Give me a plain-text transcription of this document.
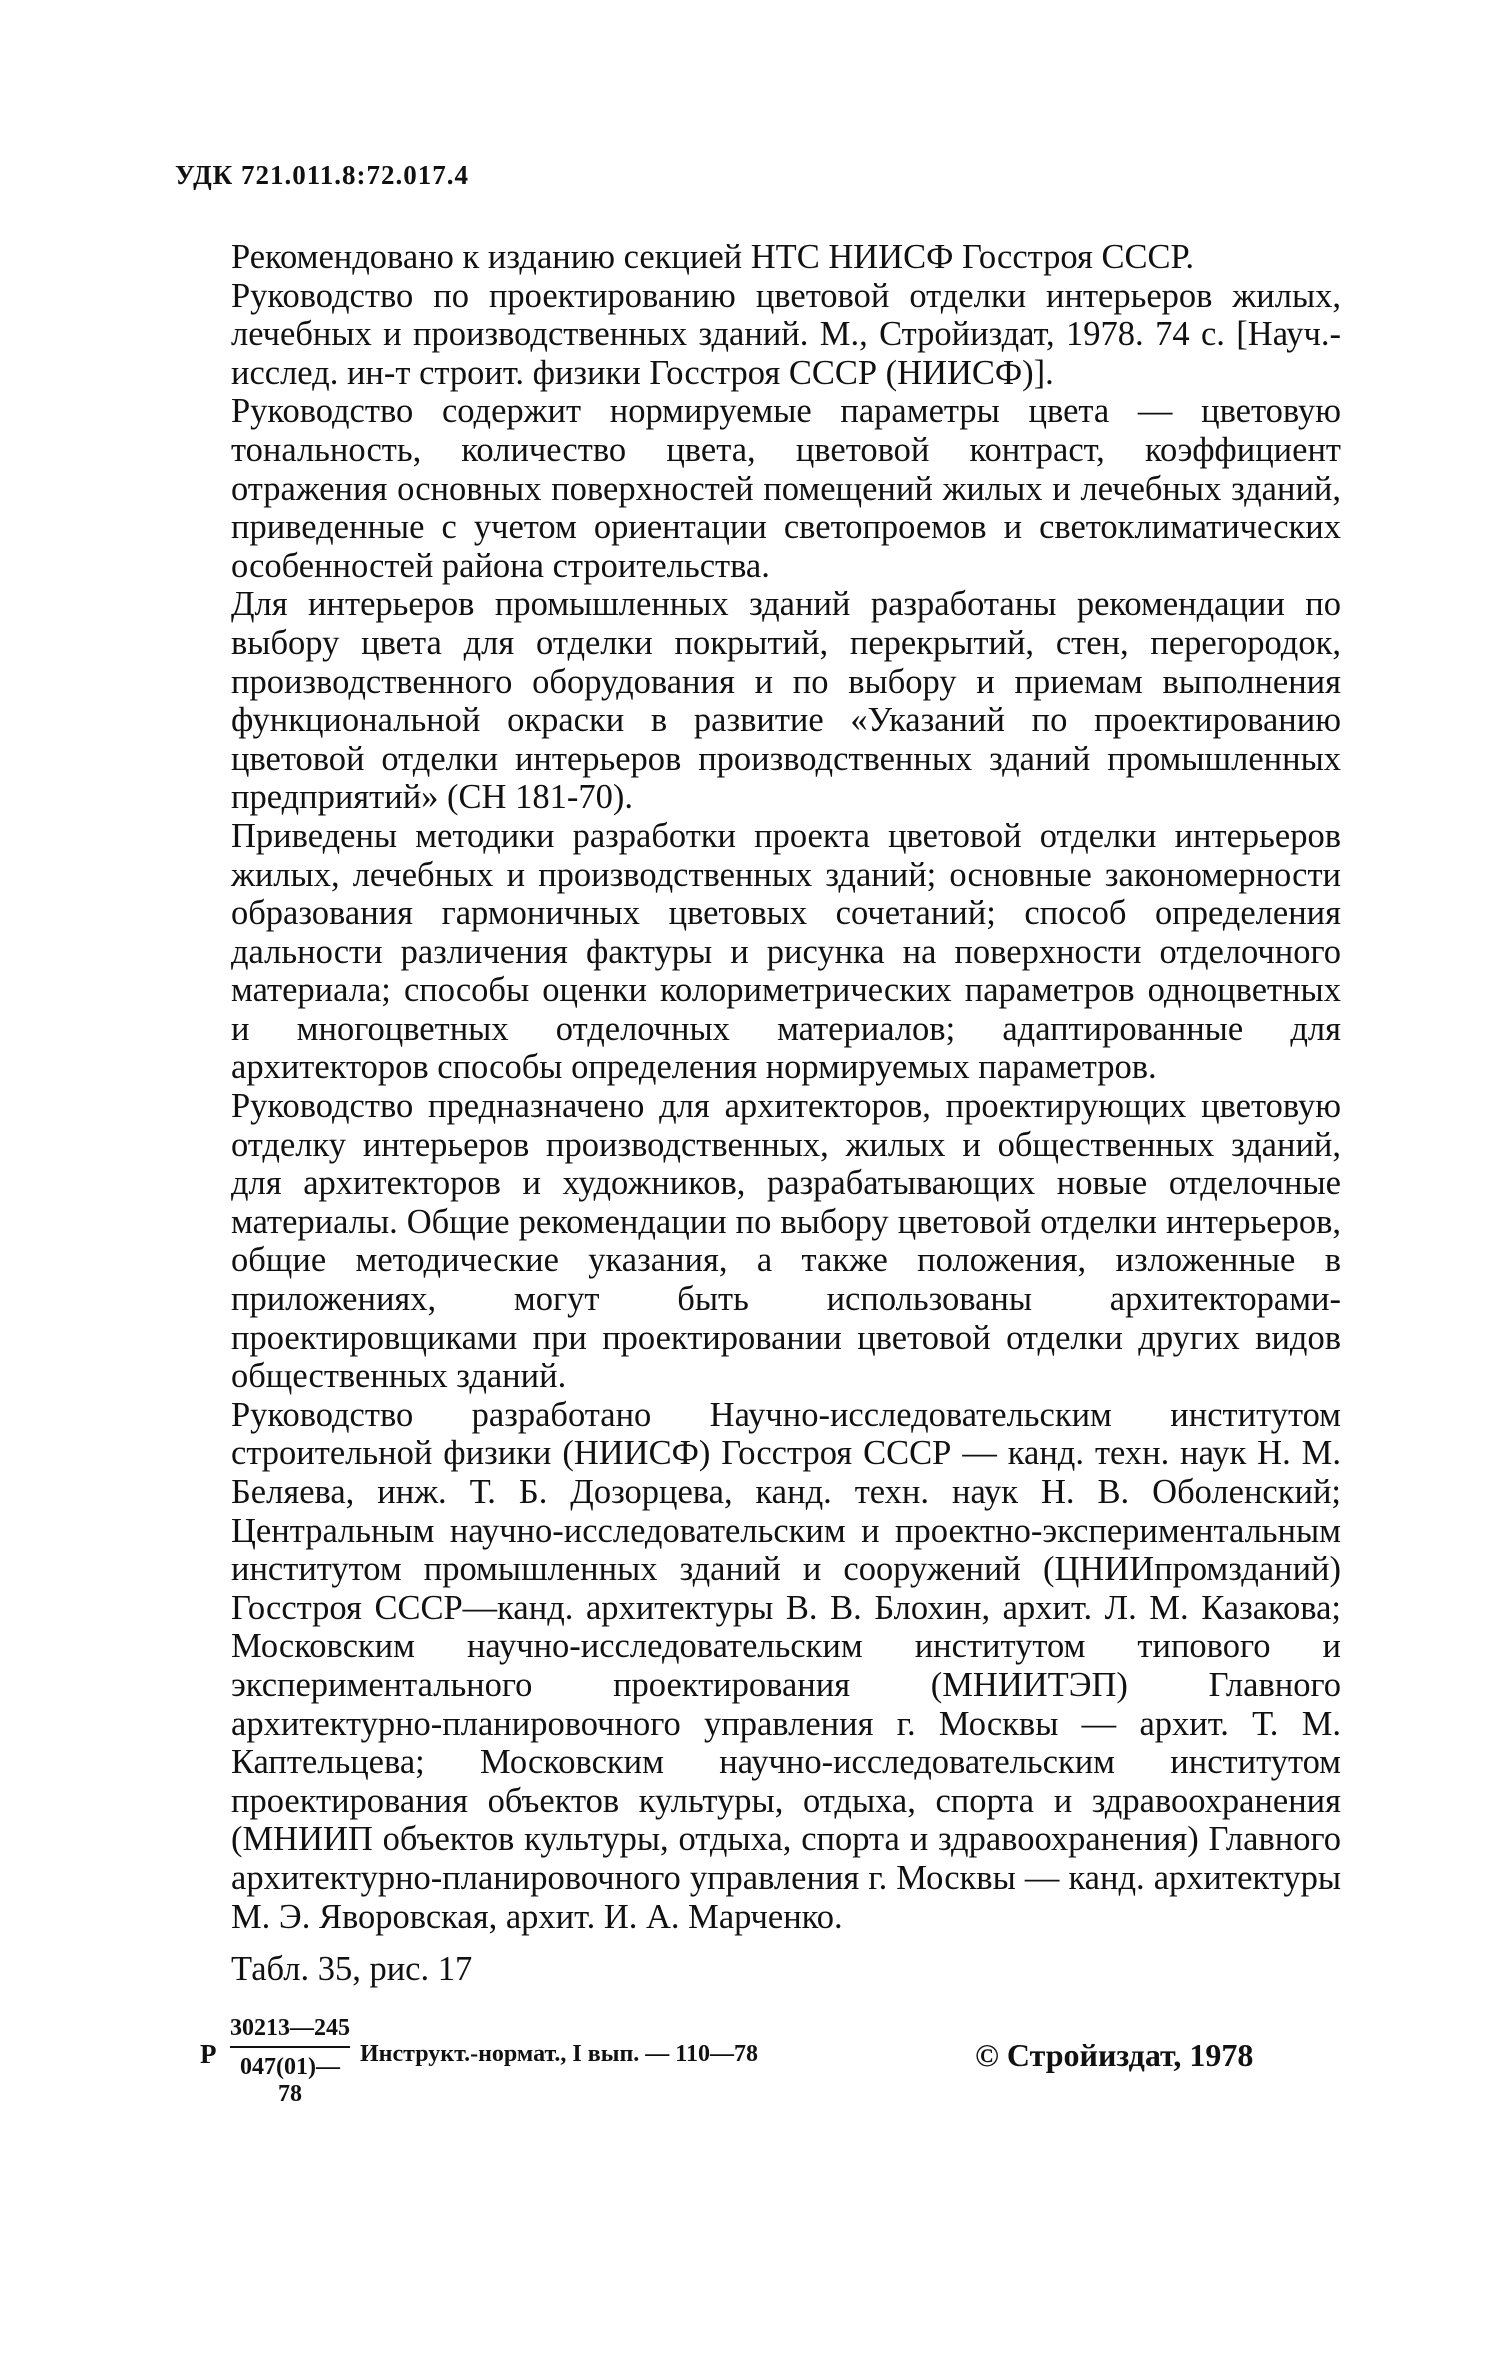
УДК 721.011.8:72.017.4

Рекомендовано к изданию секцией НТС НИИСФ Госстроя СССР.

Руководство по проектированию цветовой отделки интерьеров жилых, лечебных и производственных зданий. М., Стройиздат, 1978. 74 с. [Науч.-исслед. ин-т строит. физики Госстроя СССР (НИИСФ)].

Руководство содержит нормируемые параметры цвета — цветовую тональность, количество цвета, цветовой контраст, коэффициент отражения основных поверхностей помещений жилых и лечебных зданий, приведенные с учетом ориентации светопроемов и светоклиматических особенностей района строительства.

Для интерьеров промышленных зданий разработаны рекомендации по выбору цвета для отделки покрытий, перекрытий, стен, перегородок, производственного оборудования и по выбору и приемам выполнения функциональной окраски в развитие «Указаний по проектированию цветовой отделки интерьеров производственных зданий промышленных предприятий» (СН 181-70).

Приведены методики разработки проекта цветовой отделки интерьеров жилых, лечебных и производственных зданий; основные закономерности образования гармоничных цветовых сочетаний; способ определения дальности различения фактуры и рисунка на поверхности отделочного материала; способы оценки колориметрических параметров одноцветных и многоцветных отделочных материалов; адаптированные для архитекторов способы определения нормируемых параметров.

Руководство предназначено для архитекторов, проектирующих цветовую отделку интерьеров производственных, жилых и общественных зданий, для архитекторов и художников, разрабатывающих новые отделочные материалы. Общие рекомендации по выбору цветовой отделки интерьеров, общие методические указания, а также положения, изложенные в приложениях, могут быть использованы архитекторами-проектировщиками при проектировании цветовой отделки других видов общественных зданий.

Руководство разработано Научно-исследовательским институтом строительной физики (НИИСФ) Госстроя СССР — канд. техн. наук Н. М. Беляева, инж. Т. Б. Дозорцева, канд. техн. наук Н. В. Оболенский; Центральным научно-исследовательским и проектно-экспериментальным институтом промышленных зданий и сооружений (ЦНИИпромзданий) Госстроя СССР—канд. архитектуры В. В. Блохин, архит. Л. М. Казакова; Московским научно-исследовательским институтом типового и экспериментального проектирования (МНИИТЭП) Главного архитектурно-планировочного управления г. Москвы — архит. Т. М. Каптельцева; Московским научно-исследовательским институтом проектирования объектов культуры, отдыха, спорта и здравоохранения (МНИИП объектов культуры, отдыха, спорта и здравоохранения) Главного архитектурно-планировочного управления г. Москвы — канд. архитектуры М. Э. Яворовская, архит. И. А. Марченко.

Табл. 35, рис. 17

Р $\frac{30213—245}{047(01)—78}$ Инструкт.-нормат., I вып. — 110—78	© Стройиздат, 1978
